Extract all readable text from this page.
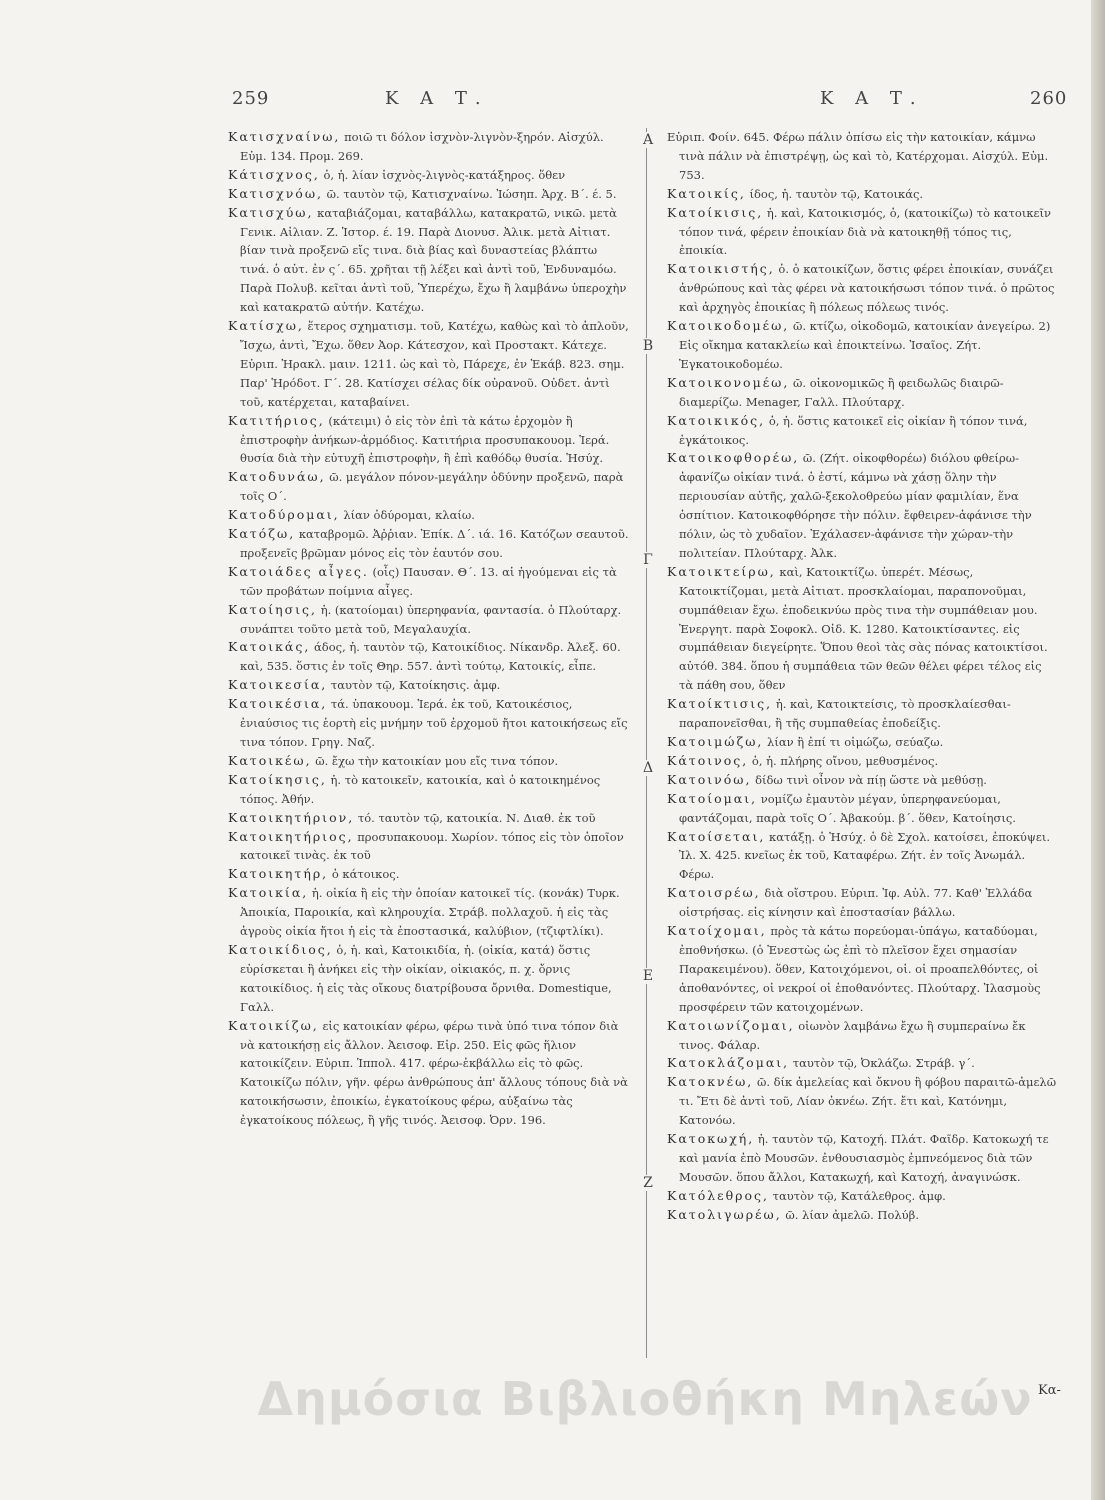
259	Κ Α Τ.	Κ Α Τ.	260

Κατισχναίνω, ποιῶ τι δόλον ἰσχνὸν-λιγνὸν-ξηρόν. Αἰσχύλ. Εὐμ. 134. Προμ. 269.

Κάτισχνος, ὁ, ἡ. λίαν ἰσχνὸς-λιγνὸς-κατάξηρος. ὅθεν

Κατισχνόω, ῶ. ταυτὸν τῷ, Κατισχναίνω. Ἰώσηπ. Ἀρχ. Β΄. έ. 5.

Κατισχύω, καταβιάζομαι, καταβάλλω, κατακρατῶ, νικῶ. μετὰ Γενικ. Αἰλιαν. Ζ. Ἱστορ. έ. 19. Παρὰ Διονυσ. Ἀλικ. μετὰ Αἰτιατ. βίαν τινὰ προξενῶ εἴς τινα. διὰ βίας καὶ δυναστείας βλάπτω τινά. ὁ αὐτ. ἐν ς΄. 65. χρῆται τῇ λέξει καὶ ἀντὶ τοῦ, Ἐνδυναμόω. Παρὰ Πολυβ. κεῖται ἀντὶ τοῦ, Ὑπερέχω, ἔχω ἢ λαμβάνω ὑπεροχὴν καὶ κατακρατῶ αὐτήν. Κατέχω.

Κατίσχω, ἕτερος σχηματισμ. τοῦ, Κατέχω, καθὼς καὶ τὸ ἁπλοῦν, Ἴσχω, ἀντὶ, Ἔχω. ὅθεν Ἀορ. Κάτεσχον, καὶ Προστακτ. Κάτεχε. Εὐριπ. Ἡρακλ. μαιν. 1211. ὡς καὶ τὸ, Πάρεχε, ἐν Ἑκάβ. 823. σημ. Παρ' Ἡρόδοτ. Γ΄. 28. Κατίσχει σέλας δίκ οὐρανοῦ. Οὐδετ. ἀντὶ τοῦ, κατέρχεται, καταβαίνει.

Κατιτήριος, (κάτειμι) ὁ εἰς τὸν ἐπὶ τὰ κάτω ἐρχομὸν ἢ ἐπιστροφὴν ἀνήκων-ἁρμόδιος. Κατιτήρια προσυπακουομ. Ἱερά. θυσία διὰ τὴν εὐτυχῆ ἐπιστροφὴν, ἢ ἐπὶ καθόδῳ θυσία. Ἡσύχ.

Κατοδυνάω, ῶ. μεγάλον πόνον-μεγάλην ὀδύνην προξενῶ, παρὰ τοῖς Ο΄.

Κατοδύρομαι, λίαν ὀδύρομαι, κλαίω.

Κατόζω, καταβρομῶ. Ἀῤῥιαν. Ἐπίκ. Δ΄. ιά. 16. Κατόζων σεαυτοῦ. προξενεῖς βρῶμαν μόνος εἰς τὸν ἑαυτόν σου.

Κατοιάδες αἶγες. (οἶς) Παυσαν. Θ΄. 13. αἱ ἡγούμεναι εἰς τὰ τῶν προβάτων ποίμνια αἶγες.

Κατοίησις, ἡ. (κατοίομαι) ὑπερηφανία, φαντασία. ὁ Πλούταρχ. συνάπτει τοῦτο μετὰ τοῦ, Μεγαλαυχία.

Κατοικάς, άδος, ἡ. ταυτὸν τῷ, Κατοικίδιος. Νίκανδρ. Ἀλεξ. 60. καὶ, 535. ὅστις ἐν τοῖς Θηρ. 557. ἀντὶ τούτῳ, Κατοικίς, εἶπε.

Κατοικεσία, ταυτὸν τῷ, Κατοίκησις. ἀμφ.

Κατοικέσια, τά. ὑπακουομ. Ἱερά. ἐκ τοῦ, Κατοικέσιος, ἐνιαύσιος τις ἑορτὴ εἰς μνήμην τοῦ ἐρχομοῦ ἤτοι κατοικήσεως εἴς τινα τόπον. Γρηγ. Ναζ.

Κατοικέω, ῶ. ἔχω τὴν κατοικίαν μου εἴς τινα τόπον.

Κατοίκησις, ἡ. τὸ κατοικεῖν, κατοικία, καὶ ὁ κατοικημένος τόπος. Ἀθήν.

Κατοικητήριον, τό. ταυτὸν τῷ, κατοικία. Ν. Διαθ. ἐκ τοῦ

Κατοικητήριος, προσυπακουομ. Χωρίον. τόπος εἰς τὸν ὁποῖον κατοικεῖ τινὰς. ἐκ τοῦ

Κατοικητήρ, ὁ κάτοικος.

Κατοικία, ἡ. οἰκία ἢ εἰς τὴν ὁποίαν κατοικεῖ τίς. (κονάκ) Τυρκ. Ἀποικία, Παροικία, καὶ κληρουχία. Στράβ. πολλαχοῦ. ἡ εἰς τὰς ἀγροὺς οἰκία ἤτοι ἡ εἰς τὰ ἐποστασικά, καλύβιον, (τζιφτλίκι).

Κατοικίδιος, ὁ, ἡ. καὶ, Κατοικιδία, ἡ. (οἰκία, κατά) ὅστις εὑρίσκεται ἢ ἀνήκει εἰς τὴν οἰκίαν, οἰκιακός, π. χ. ὄρνις κατοικίδιος. ἡ εἰς τὰς οἴκους διατρίβουσα ὄρνιθα. Domestique, Γαλλ.

Κατοικίζω, εἰς κατοικίαν φέρω, φέρω τινὰ ὑπό τινα τόπον διὰ νὰ κατοικήσῃ εἰς ἄλλον. Ἀεισοφ. Εἰρ. 250. Εἰς φῶς ἥλιον κατοικίζειν. Εὐριπ. Ἱππολ. 417. φέρω-ἐκβάλλω εἰς τὸ φῶς. Κατοικίζω πόλιν, γῆν. φέρω ἀνθρώπους ἀπ' ἄλλους τόπους διὰ νὰ κατοικήσωσιν, ἐποικίω, ἐγκατοίκους φέρω, αὐξαίνω τὰς ἐγκατοίκους πόλεως, ἢ γῆς τινός. Ἀεισοφ. Ὀρν. 196.

A
B
Γ
Δ
E
Z

Εὐριπ. Φοίν. 645. Φέρω πάλιν ὀπίσω εἰς τὴν κατοικίαν, κάμνω τινὰ πάλιν νὰ ἐπιστρέψῃ, ὡς καὶ τὸ, Κατέρχομαι. Αἰσχύλ. Εὐμ. 753.

Κατοικίς, ίδος, ἡ. ταυτὸν τῷ, Κατοικάς.

Κατοίκισις, ἡ. καὶ, Κατοικισμός, ὁ, (κατοικίζω) τὸ κατοικεῖν τόπον τινά, φέρειν ἐποικίαν διὰ νὰ κατοικηθῇ τόπος τις, ἐποικία.

Κατοικιστής, ὁ. ὁ κατοικίζων, ὅστις φέρει ἐποικίαν, συνάζει ἀνθρώπους καὶ τὰς φέρει νὰ κατοικήσωσι τόπον τινά. ὁ πρῶτος καὶ ἀρχηγὸς ἐποικίας ἢ πόλεως πόλεως τινός.

Κατοικοδομέω, ῶ. κτίζω, οἰκοδομῶ, κατοικίαν ἀνεγείρω. 2) Εἰς οἴκημα κατακλείω καὶ ἐποικτείνω. Ἰσαῖος. Ζήτ. Ἐγκατοικοδομέω.

Κατοικονομέω, ῶ. οἰκονομικῶς ἢ φειδωλῶς διαιρῶ-διαμερίζω. Menager, Γαλλ. Πλούταρχ.

Κατοικικός, ὁ, ἡ. ὅστις κατοικεῖ εἰς οἰκίαν ἢ τόπον τινά, ἐγκάτοικος.

Κατοικοφθορέω, ῶ. (Ζήτ. οἰκοφθορέω) διόλου φθείρω-ἀφανίζω οἰκίαν τινά. ὁ ἐστί, κάμνω νὰ χάσῃ ὅλην τὴν περιουσίαν αὐτῆς, χαλῶ-ξεκολοθρεύω μίαν φαμιλίαν, ἕνα ὀσπίτιον. Κατοικοφθόρησε τὴν πόλιν. ἔφθειρεν-ἀφάνισε τὴν πόλιν, ὡς τὸ χυδαῖον. Ἐχάλασεν-ἀφάνισε τὴν χώραν-τὴν πολιτείαν. Πλούταρχ. Ἀλκ.

Κατοικτείρω, καὶ, Κατοικτίζω. ὑπερέτ. Μέσως, Κατοικτίζομαι, μετὰ Αἰτιατ. προσκλαίομαι, παραπονοῦμαι, συμπάθειαν ἔχω. ἐποδεικνύω πρὸς τινα τὴν συμπάθειαν μου. Ἐνεργητ. παρὰ Σοφοκλ. Οἰδ. Κ. 1280. Κατοικτίσαντες. εἰς συμπάθειαν διεγείρητε. Ὅπου θεοὶ τὰς σὰς πόνας κατοικτίσοι. αὐτόθ. 384. ὅπου ἡ συμπάθεια τῶν θεῶν θέλει φέρει τέλος εἰς τὰ πάθη σου, ὅθεν

Κατοίκτισις, ἡ. καὶ, Κατοικτείσις, τὸ προσκλαίεσθαι-παραπονεῖσθαι, ἢ τῆς συμπαθείας ἐποδείξις.

Κατοιμώζω, λίαν ἢ ἐπί τι οἰμώζω, σεύαζω.

Κάτοινος, ὁ, ἡ. πλήρης οἴνου, μεθυσμένος.

Κατοινόω, δίδω τινὶ οἶνον νὰ πίῃ ὥστε νὰ μεθύσῃ.

Κατοίομαι, νομίζω ἐμαυτὸν μέγαν, ὑπερηφανεύομαι, φαντάζομαι, παρὰ τοῖς Ο΄. Ἀβακούμ. β΄. ὅθεν, Κατοίησις.

Κατοίσεται, κατάξῃ. ὁ Ἡσύχ. ὁ δὲ Σχολ. κατοίσει, ἐποκύψει. Ἰλ. Χ. 425. κνεῖως ἐκ τοῦ, Καταφέρω. Ζήτ. ἐν τοῖς Ἀνωμάλ. Φέρω.

Κατοισρέω, διὰ οἴστρου. Εὐριπ. Ἰφ. Αὐλ. 77. Καθ' Ἑλλάδα οἰστρήσας. εἰς κίνησιν καὶ ἐποστασίαν βάλλω.

Κατοίχομαι, πρὸς τὰ κάτω πορεύομαι-ὑπάγω, καταδύομαι, ἐποθνήσκω. (ὁ Ἐνεστὼς ὡς ἐπὶ τὸ πλεῖσον ἔχει σημασίαν Παρακειμένου). ὅθεν, Κατοιχόμενοι, οἱ. οἱ προαπελθόντες, οἱ ἀποθανόντες, οἱ νεκροί οἱ ἐποθανόντες. Πλούταρχ. Ἰλασμοὺς προσφέρειν τῶν κατοιχομένων.

Κατοιωνίζομαι, οἰωνὸν λαμβάνω ἔχω ἢ συμπεραίνω ἔκ τινος. Φάλαρ.

Κατοκλάζομαι, ταυτὸν τῷ, Ὀκλάζω. Στράβ. γ΄.

Κατοκνέω, ῶ. δίκ ἀμελείας καὶ ὄκνου ἢ φόβου παραιτῶ-ἀμελῶ τι. Ἔτι δὲ ἀντὶ τοῦ, Λίαν ὀκνέω. Ζήτ. ἔτι καὶ, Κατόνημι, Κατονόω.

Κατοκωχή, ἡ. ταυτὸν τῷ, Κατοχή. Πλάτ. Φαῖδρ. Κατοκωχή τε καὶ μανία ἐπὸ Μουσῶν. ἐνθουσιασμὸς ἐμπνεόμενος διὰ τῶν Μουσῶν. ὅπου ἄλλοι, Κατακωχή, καὶ Κατοχή, ἀναγινώσκ.

Κατόλεθρος, ταυτὸν τῷ, Κατάλεθρος. ἀμφ.

Κατολιγωρέω, ῶ. λίαν ἀμελῶ. Πολύβ.

Δημόσια Βιβλιοθήκη Μηλεών Κα-
